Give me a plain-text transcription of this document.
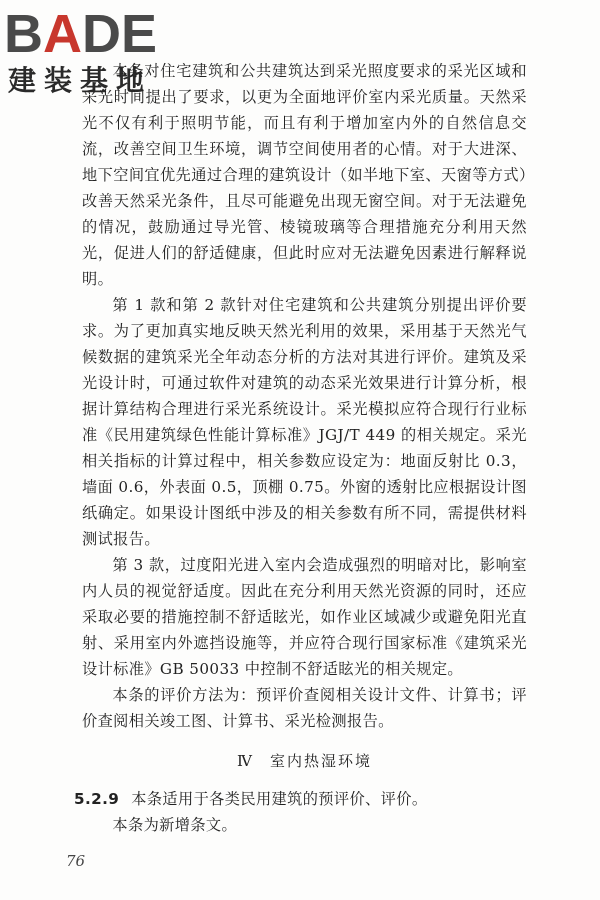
BADE
建装基地

本条对住宅建筑和公共建筑达到采光照度要求的采光区域和采光时间提出了要求，以更为全面地评价室内采光质量。天然采光不仅有利于照明节能，而且有利于增加室内外的自然信息交流，改善空间卫生环境，调节空间使用者的心情。对于大进深、地下空间宜优先通过合理的建筑设计（如半地下室、天窗等方式）改善天然采光条件，且尽可能避免出现无窗空间。对于无法避免的情况，鼓励通过导光管、棱镜玻璃等合理措施充分利用天然光，促进人们的舒适健康，但此时应对无法避免因素进行解释说明。

第 1 款和第 2 款针对住宅建筑和公共建筑分别提出评价要求。为了更加真实地反映天然光利用的效果，采用基于天然光气候数据的建筑采光全年动态分析的方法对其进行评价。建筑及采光设计时，可通过软件对建筑的动态采光效果进行计算分析，根据计算结构合理进行采光系统设计。采光模拟应符合现行行业标准《民用建筑绿色性能计算标准》JGJ/T 449 的相关规定。采光相关指标的计算过程中，相关参数应设定为：地面反射比 0.3，墙面 0.6，外表面 0.5，顶棚 0.75。外窗的透射比应根据设计图纸确定。如果设计图纸中涉及的相关参数有所不同，需提供材料测试报告。

第 3 款，过度阳光进入室内会造成强烈的明暗对比，影响室内人员的视觉舒适度。因此在充分利用天然光资源的同时，还应采取必要的措施控制不舒适眩光，如作业区域减少或避免阳光直射、采用室内外遮挡设施等，并应符合现行国家标准《建筑采光设计标准》GB 50033 中控制不舒适眩光的相关规定。

本条的评价方法为：预评价查阅相关设计文件、计算书；评价查阅相关竣工图、计算书、采光检测报告。

Ⅳ 室内热湿环境

5.2.9 本条适用于各类民用建筑的预评价、评价。

本条为新增条文。

76
